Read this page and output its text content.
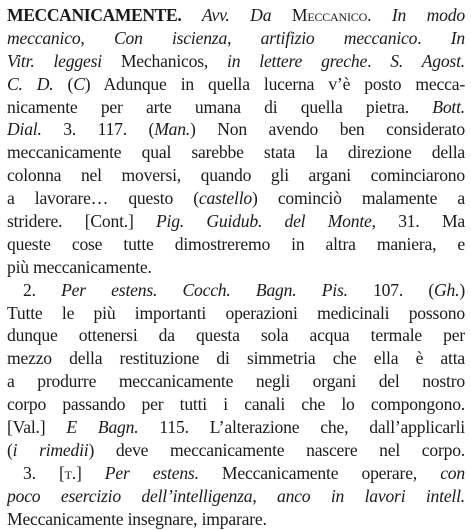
MECCANICAMENTE. Avv. Da Meccanico. In modo
meccanico, Con iscienza, artifizio meccanico. In
Vitr. leggesi Mechanicos, in lettere greche. S. Agost.
C. D. (C) Adunque in quella lucerna v’è posto mecca-
nicamente per arte umana di quella pietra. Bott.
Dial. 3. 117. (Man.) Non avendo ben considerato
meccanicamente qual sarebbe stata la direzione della
colonna nel moversi, quando gli argani cominciarono
a lavorare… questo (castello) cominciò malamente a
stridere. [Cont.] Pig. Guidub. del Monte, 31. Ma
queste cose tutte dimostreremo in altra maniera, e
più meccanicamente.
2. Per estens. Cocch. Bagn. Pis. 107. (Gh.)
Tutte le più importanti operazioni medicinali possono
dunque ottenersi da questa sola acqua termale per
mezzo della restituzione di simmetria che ella è atta
a produrre meccanicamente negli organi del nostro
corpo passando per tutti i canali che lo compongono.
[Val.] E Bagn. 115. L’alterazione che, dall’applicarli
(i rimedii) deve meccanicamente nascere nel corpo.
3. [t.] Per estens. Meccanicamente operare, con
poco esercizio dell’intelligenza, anco in lavori intell.
Meccanicamente insegnare, imparare.
